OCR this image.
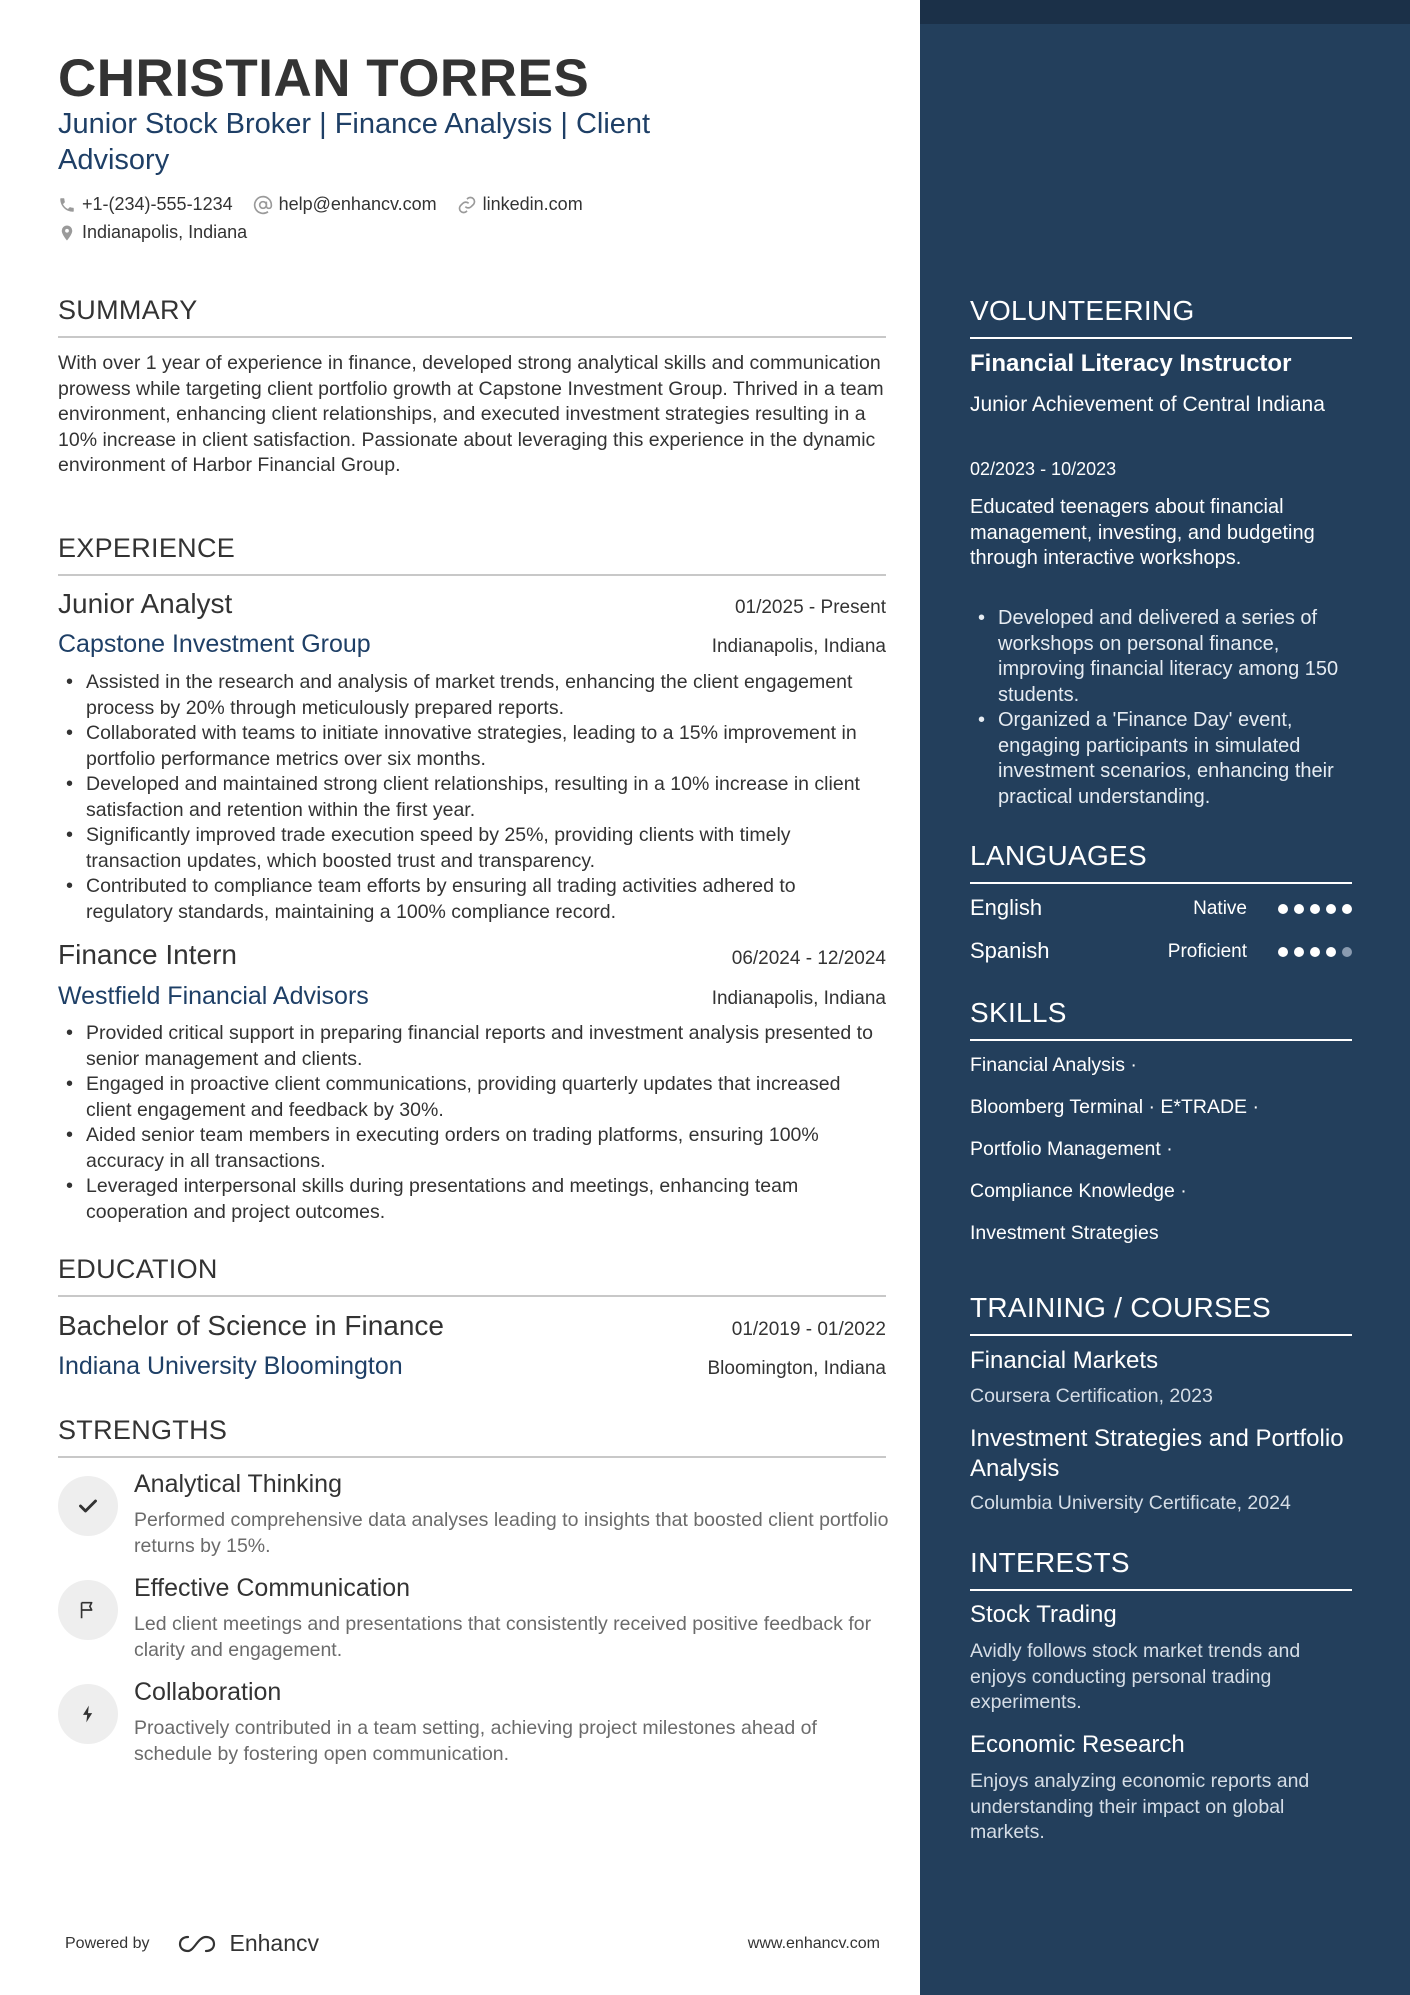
CHRISTIAN TORRES
Junior Stock Broker | Finance Analysis | Client Advisory
+1-(234)-555-1234	help@enhancv.com	linkedin.com
Indianapolis, Indiana
SUMMARY
With over 1 year of experience in finance, developed strong analytical skills and communication prowess while targeting client portfolio growth at Capstone Investment Group. Thrived in a team environment, enhancing client relationships, and executed investment strategies resulting in a 10% increase in client satisfaction. Passionate about leveraging this experience in the dynamic environment of Harbor Financial Group.
EXPERIENCE
Junior Analyst	01/2025 - Present
Capstone Investment Group	Indianapolis, Indiana
• Assisted in the research and analysis of market trends, enhancing the client engagement process by 20% through meticulously prepared reports.
• Collaborated with teams to initiate innovative strategies, leading to a 15% improvement in portfolio performance metrics over six months.
• Developed and maintained strong client relationships, resulting in a 10% increase in client satisfaction and retention within the first year.
• Significantly improved trade execution speed by 25%, providing clients with timely transaction updates, which boosted trust and transparency.
• Contributed to compliance team efforts by ensuring all trading activities adhered to regulatory standards, maintaining a 100% compliance record.
Finance Intern	06/2024 - 12/2024
Westfield Financial Advisors	Indianapolis, Indiana
• Provided critical support in preparing financial reports and investment analysis presented to senior management and clients.
• Engaged in proactive client communications, providing quarterly updates that increased client engagement and feedback by 30%.
• Aided senior team members in executing orders on trading platforms, ensuring 100% accuracy in all transactions.
• Leveraged interpersonal skills during presentations and meetings, enhancing team cooperation and project outcomes.
EDUCATION
Bachelor of Science in Finance	01/2019 - 01/2022
Indiana University Bloomington	Bloomington, Indiana
STRENGTHS
Analytical Thinking
Performed comprehensive data analyses leading to insights that boosted client portfolio returns by 15%.
Effective Communication
Led client meetings and presentations that consistently received positive feedback for clarity and engagement.
Collaboration
Proactively contributed in a team setting, achieving project milestones ahead of schedule by fostering open communication.
Powered by	Enhancv	www.enhancv.com
VOLUNTEERING
Financial Literacy Instructor
Junior Achievement of Central Indiana
02/2023 - 10/2023
Educated teenagers about financial management, investing, and budgeting through interactive workshops.
• Developed and delivered a series of workshops on personal finance, improving financial literacy among 150 students.
• Organized a 'Finance Day' event, engaging participants in simulated investment scenarios, enhancing their practical understanding.
LANGUAGES
English	Native
Spanish	Proficient
SKILLS
Financial Analysis ·
Bloomberg Terminal · E*TRADE ·
Portfolio Management ·
Compliance Knowledge ·
Investment Strategies
TRAINING / COURSES
Financial Markets
Coursera Certification, 2023
Investment Strategies and Portfolio Analysis
Columbia University Certificate, 2024
INTERESTS
Stock Trading
Avidly follows stock market trends and enjoys conducting personal trading experiments.
Economic Research
Enjoys analyzing economic reports and understanding their impact on global markets.
